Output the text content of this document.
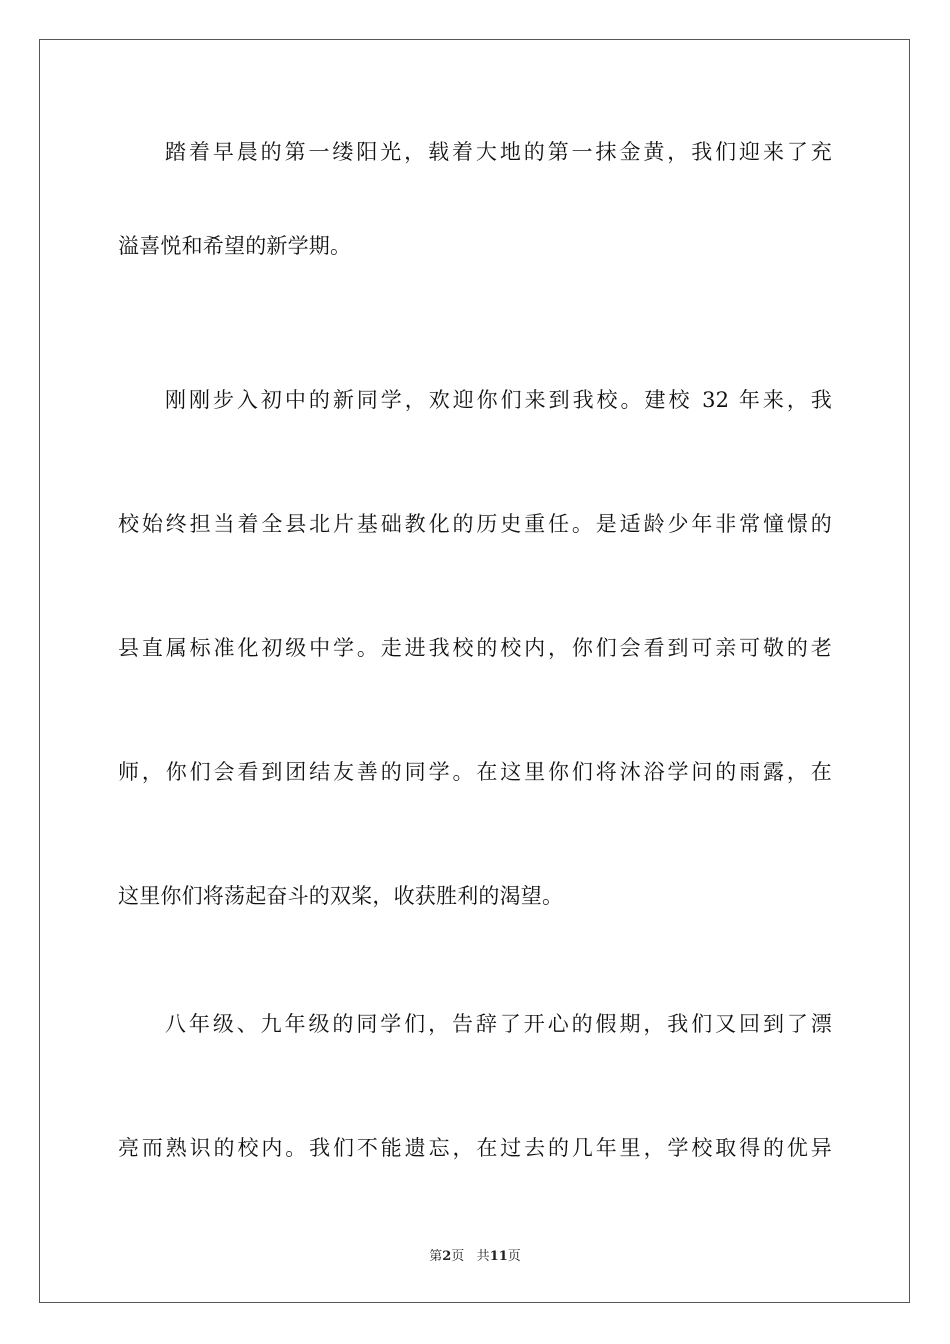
踏着早晨的第一缕阳光，载着大地的第一抹金黄，我们迎来了充
溢喜悦和希望的新学期。
刚刚步入初中的新同学，欢迎你们来到我校。建校 32 年来，我
校始终担当着全县北片基础教化的历史重任。是适龄少年非常憧憬的
县直属标准化初级中学。走进我校的校内，你们会看到可亲可敬的老
师，你们会看到团结友善的同学。在这里你们将沐浴学问的雨露，在
这里你们将荡起奋斗的双桨，收获胜利的渴望。
八年级、九年级的同学们，告辞了开心的假期，我们又回到了漂
亮而熟识的校内。我们不能遗忘，在过去的几年里，学校取得的优异
第2页 共11页
